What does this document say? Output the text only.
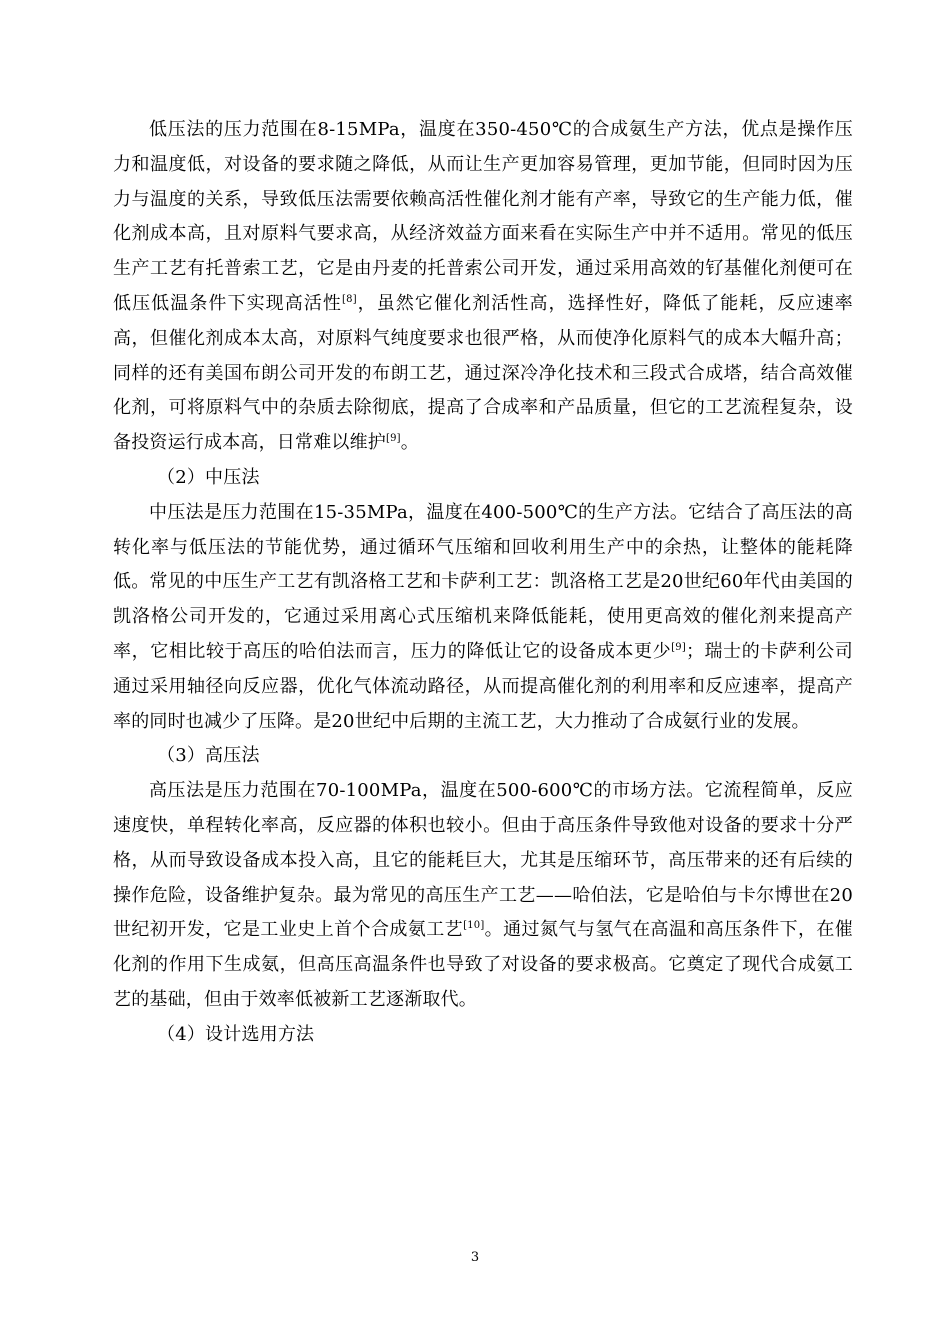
低压法的压力范围在8-15MPa，温度在350-450℃的合成氨生产方法，优点是操作压力和温度低，对设备的要求随之降低，从而让生产更加容易管理，更加节能，但同时因为压力与温度的关系，导致低压法需要依赖高活性催化剂才能有产率，导致它的生产能力低，催化剂成本高，且对原料气要求高，从经济效益方面来看在实际生产中并不适用。常见的低压生产工艺有托普索工艺，它是由丹麦的托普索公司开发，通过采用高效的钌基催化剂便可在低压低温条件下实现高活性[8]，虽然它催化剂活性高，选择性好，降低了能耗，反应速率高，但催化剂成本太高，对原料气纯度要求也很严格，从而使净化原料气的成本大幅升高；同样的还有美国布朗公司开发的布朗工艺，通过深冷净化技术和三段式合成塔，结合高效催化剂，可将原料气中的杂质去除彻底，提高了合成率和产品质量，但它的工艺流程复杂，设备投资运行成本高，日常难以维护[9]。

（2）中压法

中压法是压力范围在15-35MPa，温度在400-500℃的生产方法。它结合了高压法的高转化率与低压法的节能优势，通过循环气压缩和回收利用生产中的余热，让整体的能耗降低。常见的中压生产工艺有凯洛格工艺和卡萨利工艺：凯洛格工艺是20世纪60年代由美国的凯洛格公司开发的，它通过采用离心式压缩机来降低能耗，使用更高效的催化剂来提高产率，它相比较于高压的哈伯法而言，压力的降低让它的设备成本更少[9]；瑞士的卡萨利公司通过采用轴径向反应器，优化气体流动路径，从而提高催化剂的利用率和反应速率，提高产率的同时也减少了压降。是20世纪中后期的主流工艺，大力推动了合成氨行业的发展。

（3）高压法

高压法是压力范围在70-100MPa，温度在500-600℃的市场方法。它流程简单，反应速度快，单程转化率高，反应器的体积也较小。但由于高压条件导致他对设备的要求十分严格，从而导致设备成本投入高，且它的能耗巨大，尤其是压缩环节，高压带来的还有后续的操作危险，设备维护复杂。最为常见的高压生产工艺——哈伯法，它是哈伯与卡尔博世在20世纪初开发，它是工业史上首个合成氨工艺[10]。通过氮气与氢气在高温和高压条件下，在催化剂的作用下生成氨，但高压高温条件也导致了对设备的要求极高。它奠定了现代合成氨工艺的基础，但由于效率低被新工艺逐渐取代。

（4）设计选用方法

3
